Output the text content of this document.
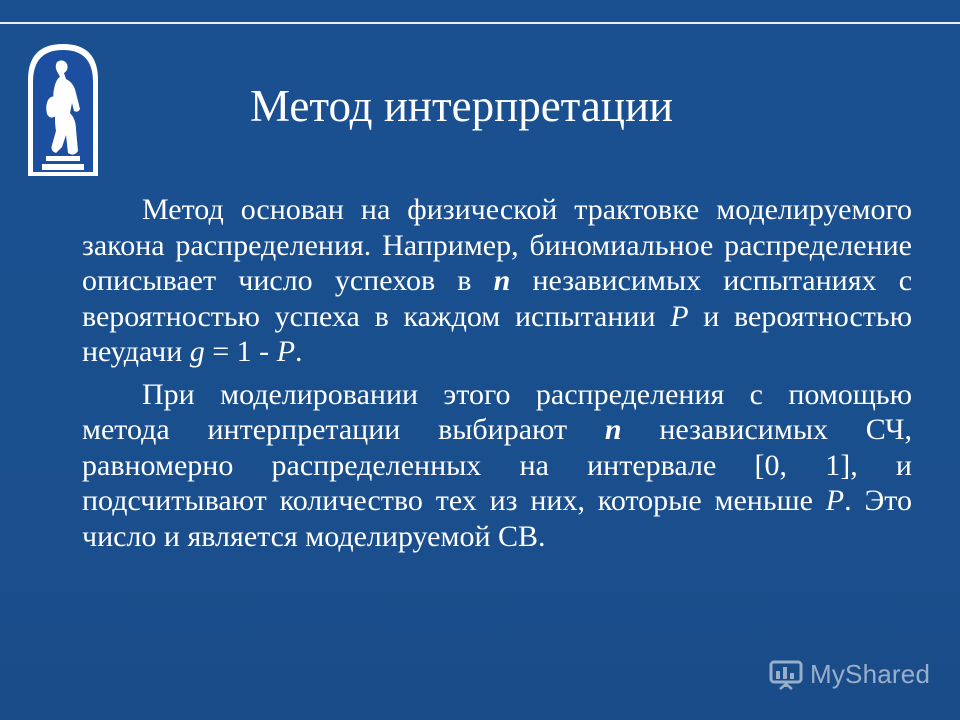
Метод интерпретации

Метод основан на физической трактовке моделируемого закона распределения. Например, биномиальное распределение описывает число успехов в n независимых испытаниях с вероятностью успеха в каждом испытании P и вероятностью неудачи g = 1 - P.

При моделировании этого распределения с помощью метода интерпретации выбирают n независимых СЧ, равномерно распределенных на интервале [0, 1], и подсчитывают количество тех из них, которые меньше P. Это число и является моделируемой СВ.

MyShared
